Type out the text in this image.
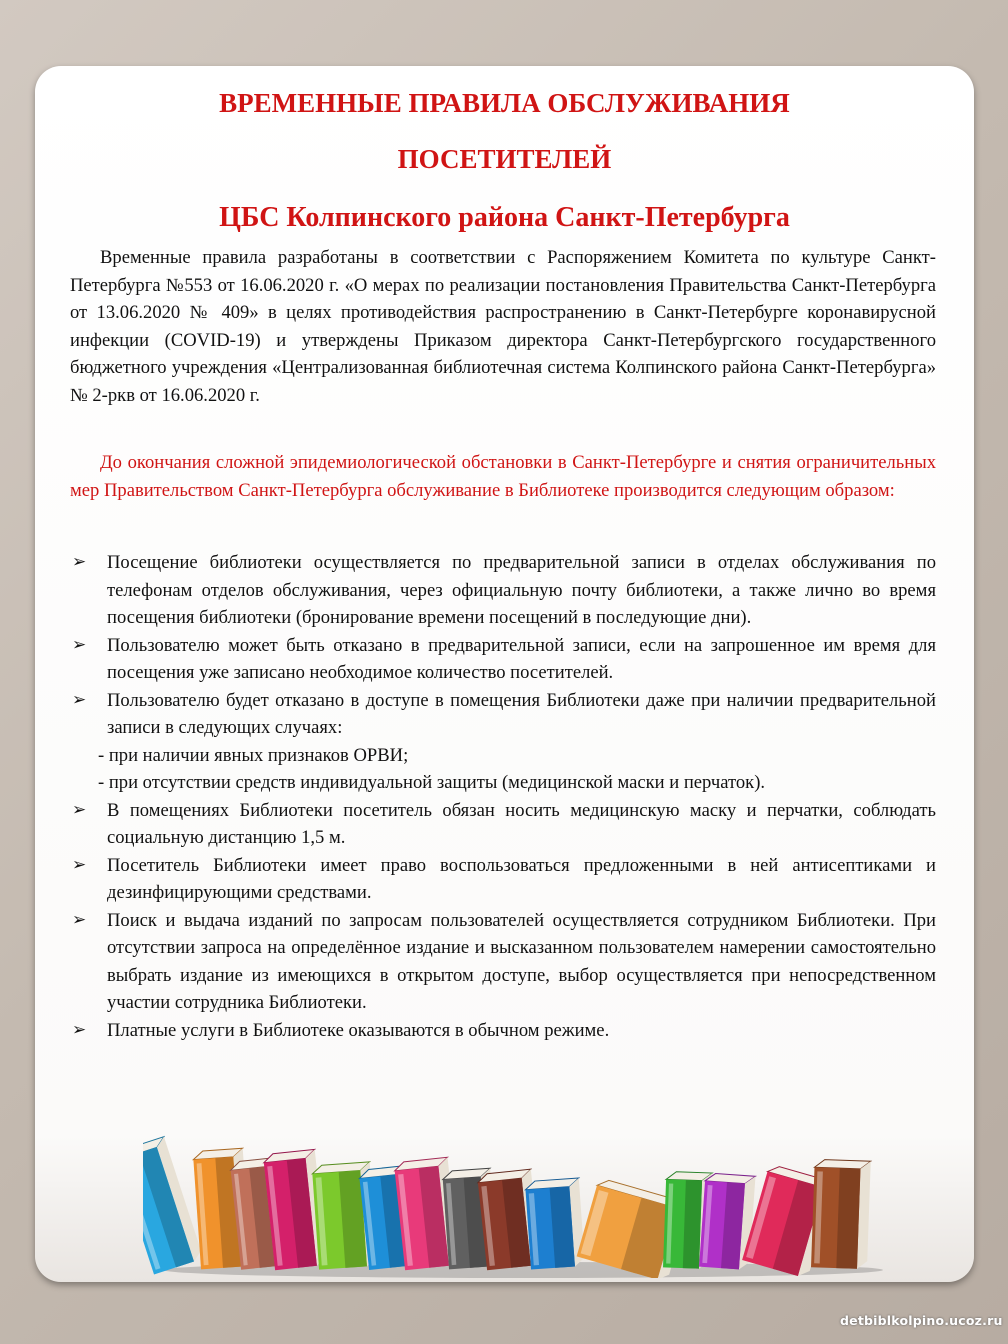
ВРЕМЕННЫЕ ПРАВИЛА ОБСЛУЖИВАНИЯ
ПОСЕТИТЕЛЕЙ
ЦБС Колпинского района Санкт-Петербурга

Временные правила разработаны в соответствии с Распоряжением Комитета по культуре Санкт-Петербурга №553 от 16.06.2020 г. «О мерах по реализации постановления Правительства Санкт-Петербурга от 13.06.2020 № 409» в целях противодействия распространению в Санкт-Петербурге коронавирусной инфекции (COVID-19) и утверждены Приказом директора Санкт-Петербургского государственного бюджетного учреждения «Централизованная библиотечная система Колпинского района Санкт-Петербурга» № 2-ркв от 16.06.2020 г.

До окончания сложной эпидемиологической обстановки в Санкт-Петербурге и снятия ограничительных мер Правительством Санкт-Петербурга обслуживание в Библиотеке производится следующим образом:

➢ Посещение библиотеки осуществляется по предварительной записи в отделах обслуживания по телефонам отделов обслуживания, через официальную почту библиотеки, а также лично во время посещения библиотеки (бронирование времени посещений в последующие дни).
➢ Пользователю может быть отказано в предварительной записи, если на запрошенное им время для посещения уже записано необходимое количество посетителей.
➢ Пользователю будет отказано в доступе в помещения Библиотеки даже при наличии предварительной записи в следующих случаях:
- при наличии явных признаков ОРВИ;
- при отсутствии средств индивидуальной защиты (медицинской маски и перчаток).
➢ В помещениях Библиотеки посетитель обязан носить медицинскую маску и перчатки, соблюдать социальную дистанцию 1,5 м.
➢ Посетитель Библиотеки имеет право воспользоваться предложенными в ней антисептиками и дезинфицирующими средствами.
➢ Поиск и выдача изданий по запросам пользователей осуществляется сотрудником Библиотеки. При отсутствии запроса на определённое издание и высказанном пользователем намерении самостоятельно выбрать издание из имеющихся в открытом доступе, выбор осуществляется при непосредственном участии сотрудника Библиотеки.
➢ Платные услуги в Библиотеке оказываются в обычном режиме.
detbiblkolpino.ucoz.ru
